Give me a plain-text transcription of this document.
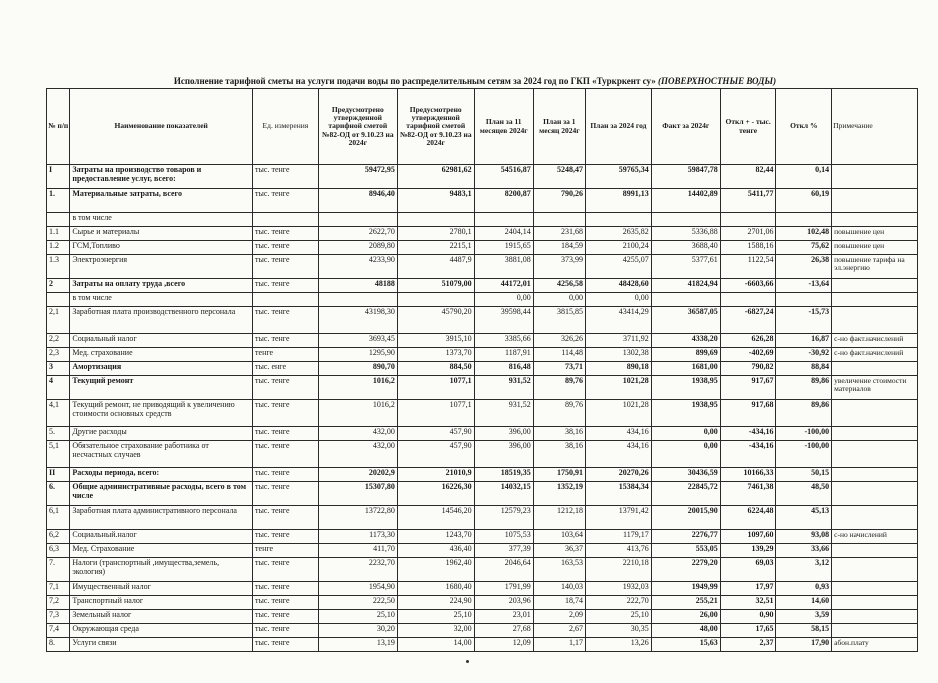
Исполнение тарифной сметы на услуги подачи воды по распределительным сетям за 2024 год по ГКП «Туркркент су» (ПОВЕРХНОСТНЫЕ ВОДЫ)
№ п/п	Наименование показателей	Ед. измерения	Предусмотрено утвержденной тарифной сметой №82-ОД от 9.10.23 на 2024г	Предусмотрено утвержденной тарифной сметой №82-ОД от 9.10.23 на 2024г	План за 11 месяцев 2024г	План за 1 месяц 2024г	План за 2024 год	Факт за 2024г	Откл + - тыс. тенге	Откл %	Примечание
I	Затраты на производство товаров и предоставление услуг, всего:	тыс. тенге	59472,95	62981,62	54516,87	5248,47	59765,34	59847,78	82,44	0,14	
1.	Материальные затраты, всего	тыс. тенге	8946,40	9483,1	8200,87	790,26	8991,13	14402,89	5411,77	60,19	
	в том числе										
1.1	Сырье и материалы	тыс. тенге	2622,70	2780,1	2404,14	231,68	2635,82	5336,88	2701,06	102,48	повышение цен
1.2	ГСМ,Топливо	тыс. тенге	2089,80	2215,1	1915,65	184,59	2100,24	3688,40	1588,16	75,62	повышение цен
1.3	Электроэнергия	тыс. тенге	4233,90	4487,9	3881,08	373,99	4255,07	5377,61	1122,54	26,38	повышение тарифа на эл.энергию
2	Затраты на оплату труда ,всего	тыс. тенге	48188	51079,00	44172,01	4256,58	48428,60	41824,94	-6603,66	-13,64	
	в том числе				0,00	0,00	0,00				
2,1	Заработная плата производственного персонала	тыс. тенге	43198,30	45790,20	39598,44	3815,85	43414,29	36587,05	-6827,24	-15,73	
2,2	Социальный налог	тыс. тенге	3693,45	3915,10	3385,66	326,26	3711,92	4338,20	626,28	16,87	с-но факт.начислений
2,3	Мед. страхование	тенге	1295,90	1373,70	1187,91	114,48	1302,38	899,69	-402,69	-30,92	с-но факт.начислений
3	Амортизация	тыс. енге	890,70	884,50	816,48	73,71	890,18	1681,00	790,82	88,84	
4	Текущий ремонт	тыс. тенге	1016,2	1077,1	931,52	89,76	1021,28	1938,95	917,67	89,86	увеличение стоимости материалов
4,1	Текущий ремонт, не приводящий к увеличению стоимости основных средств	тыс. тенге	1016,2	1077,1	931,52	89,76	1021,28	1938,95	917,68	89,86	
5.	Другие расходы	тыс. тенге	432,00	457,90	396,00	38,16	434,16	0,00	-434,16	-100,00	
5,1	Обязательное страхование работника от несчастных случаев	тыс. тенге	432,00	457,90	396,00	38,16	434,16	0,00	-434,16	-100,00	
II	Расходы периода, всего:	тыс. тенге	20202,9	21010,9	18519,35	1750,91	20270,26	30436,59	10166,33	50,15	
6.	Общие административные расходы, всего в том числе	тыс. тенге	15307,80	16226,30	14032,15	1352,19	15384,34	22845,72	7461,38	48,50	
6,1	Заработная плата административного персонала	тыс. тенге	13722,80	14546,20	12579,23	1212,18	13791,42	20015,90	6224,48	45,13	
6,2	Социальный.налог	тыс. тенге	1173,30	1243,70	1075,53	103,64	1179,17	2276,77	1097,60	93,08	с-но начислений
6,3	Мед. Страхование	тенге	411,70	436,40	377,39	36,37	413,76	553,05	139,29	33,66	
7.	Налоги (транспортный ,имущества,земель, экология)	тыс. тенге	2232,70	1962,40	2046,64	163,53	2210,18	2279,20	69,03	3,12	
7,1	Имущественный налог	тыс. тенге	1954,90	1680,40	1791,99	140,03	1932,03	1949,99	17,97	0,93	
7,2	Транспортный налог	тыс. тенге	222,50	224,90	203,96	18,74	222,70	255,21	32,51	14,60	
7,3	Земельный налог	тыс. тенге	25,10	25,10	23,01	2,09	25,10	26,00	0,90	3,59	
7,4	Окружающая среда	тыс. тенге	30,20	32,00	27,68	2,67	30,35	48,00	17,65	58,15	
8.	Услуги связи	тыс. тенге	13,19	14,00	12,09	1,17	13,26	15,63	2,37	17,90	абон.плату
